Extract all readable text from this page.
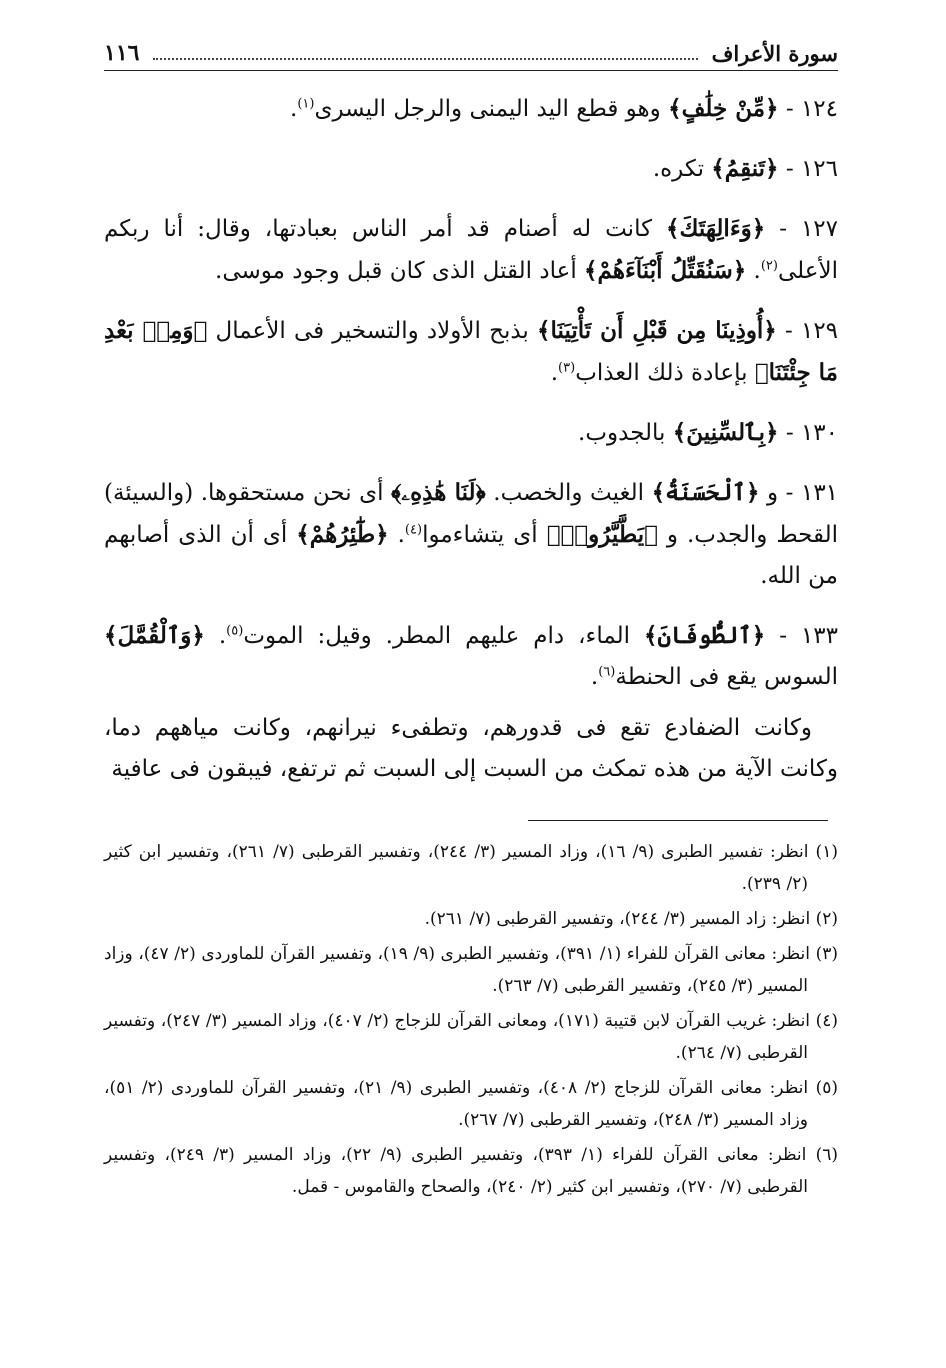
سورة الأعراف
١١٦
١٢٤ - ﴿مِّنْ خِلَٰفٍ﴾ وهو قطع اليد اليمنى والرجل اليسرى$^{(١)}$.
١٢٦ - ﴿تَنقِمُ﴾ تكره.
١٢٧ - ﴿وَءَالِهَتَكَ﴾ كانت له أصنام قد أمر الناس بعبادتها، وقال: أنا ربكم الأعلى$^{(٢)}$. ﴿سَنُقَتِّلُ أَبْنَآءَهُمْ﴾ أعاد القتل الذى كان قبل وجود موسى.
١٢٩ - ﴿أُوذِينَا مِن قَبْلِ أَن تَأْتِيَنَا﴾ بذبح الأولاد والتسخير فى الأعمال ﴿وَمِنۢ بَعْدِ مَا جِئْتَنَا﴾ بإعادة ذلك العذاب$^{(٣)}$.
١٣٠ - ﴿بِٱلسِّنِينَ﴾ بالجدوب.
١٣١ - و ﴿ٱلْحَسَنَةُ﴾ الغيث والخصب. ﴿لَنَا هَٰذِهِۦ﴾ أى نحن مستحقوها. (والسيئة) القحط والجدب. و ﴿يَطَّيَّرُوا۟﴾ أى يتشاءموا$^{(٤)}$. ﴿طَٰٓئِرُهُمْ﴾ أى أن الذى أصابهم من الله.
١٣٣ - ﴿ٱلطُّوفَانَ﴾ الماء، دام عليهم المطر. وقيل: الموت$^{(٥)}$. ﴿وَٱلْقُمَّلَ﴾ السوس يقع فى الحنطة$^{(٦)}$.

وكانت الضفادع تقع فى قدورهم، وتطفىء نيرانهم، وكانت مياههم دما، وكانت الآية من هذه تمكث من السبت إلى السبت ثم ترتفع، فيبقون فى عافية

(١) انظر: تفسير الطبرى (٩/ ١٦)، وزاد المسير (٣/ ٢٤٤)، وتفسير القرطبى (٧/ ٢٦١)، وتفسير ابن كثير (٢/ ٢٣٩).
(٢) انظر: زاد المسير (٣/ ٢٤٤)، وتفسير القرطبى (٧/ ٢٦١).
(٣) انظر: معانى القرآن للفراء (١/ ٣٩١)، وتفسير الطبرى (٩/ ١٩)، وتفسير القرآن للماوردى (٢/ ٤٧)، وزاد المسير (٣/ ٢٤٥)، وتفسير القرطبى (٧/ ٢٦٣).
(٤) انظر: غريب القرآن لابن قتيبة (١٧١)، ومعانى القرآن للزجاج (٢/ ٤٠٧)، وزاد المسير (٣/ ٢٤٧)، وتفسير القرطبى (٧/ ٢٦٤).
(٥) انظر: معانى القرآن للزجاج (٢/ ٤٠٨)، وتفسير الطبرى (٩/ ٢١)، وتفسير القرآن للماوردى (٢/ ٥١)، وزاد المسير (٣/ ٢٤٨)، وتفسير القرطبى (٧/ ٢٦٧).
(٦) انظر: معانى القرآن للفراء (١/ ٣٩٣)، وتفسير الطبرى (٩/ ٢٢)، وزاد المسير (٣/ ٢٤٩)، وتفسير القرطبى (٧/ ٢٧٠)، وتفسير ابن كثير (٢/ ٢٤٠)، والصحاح والقاموس - قمل.
